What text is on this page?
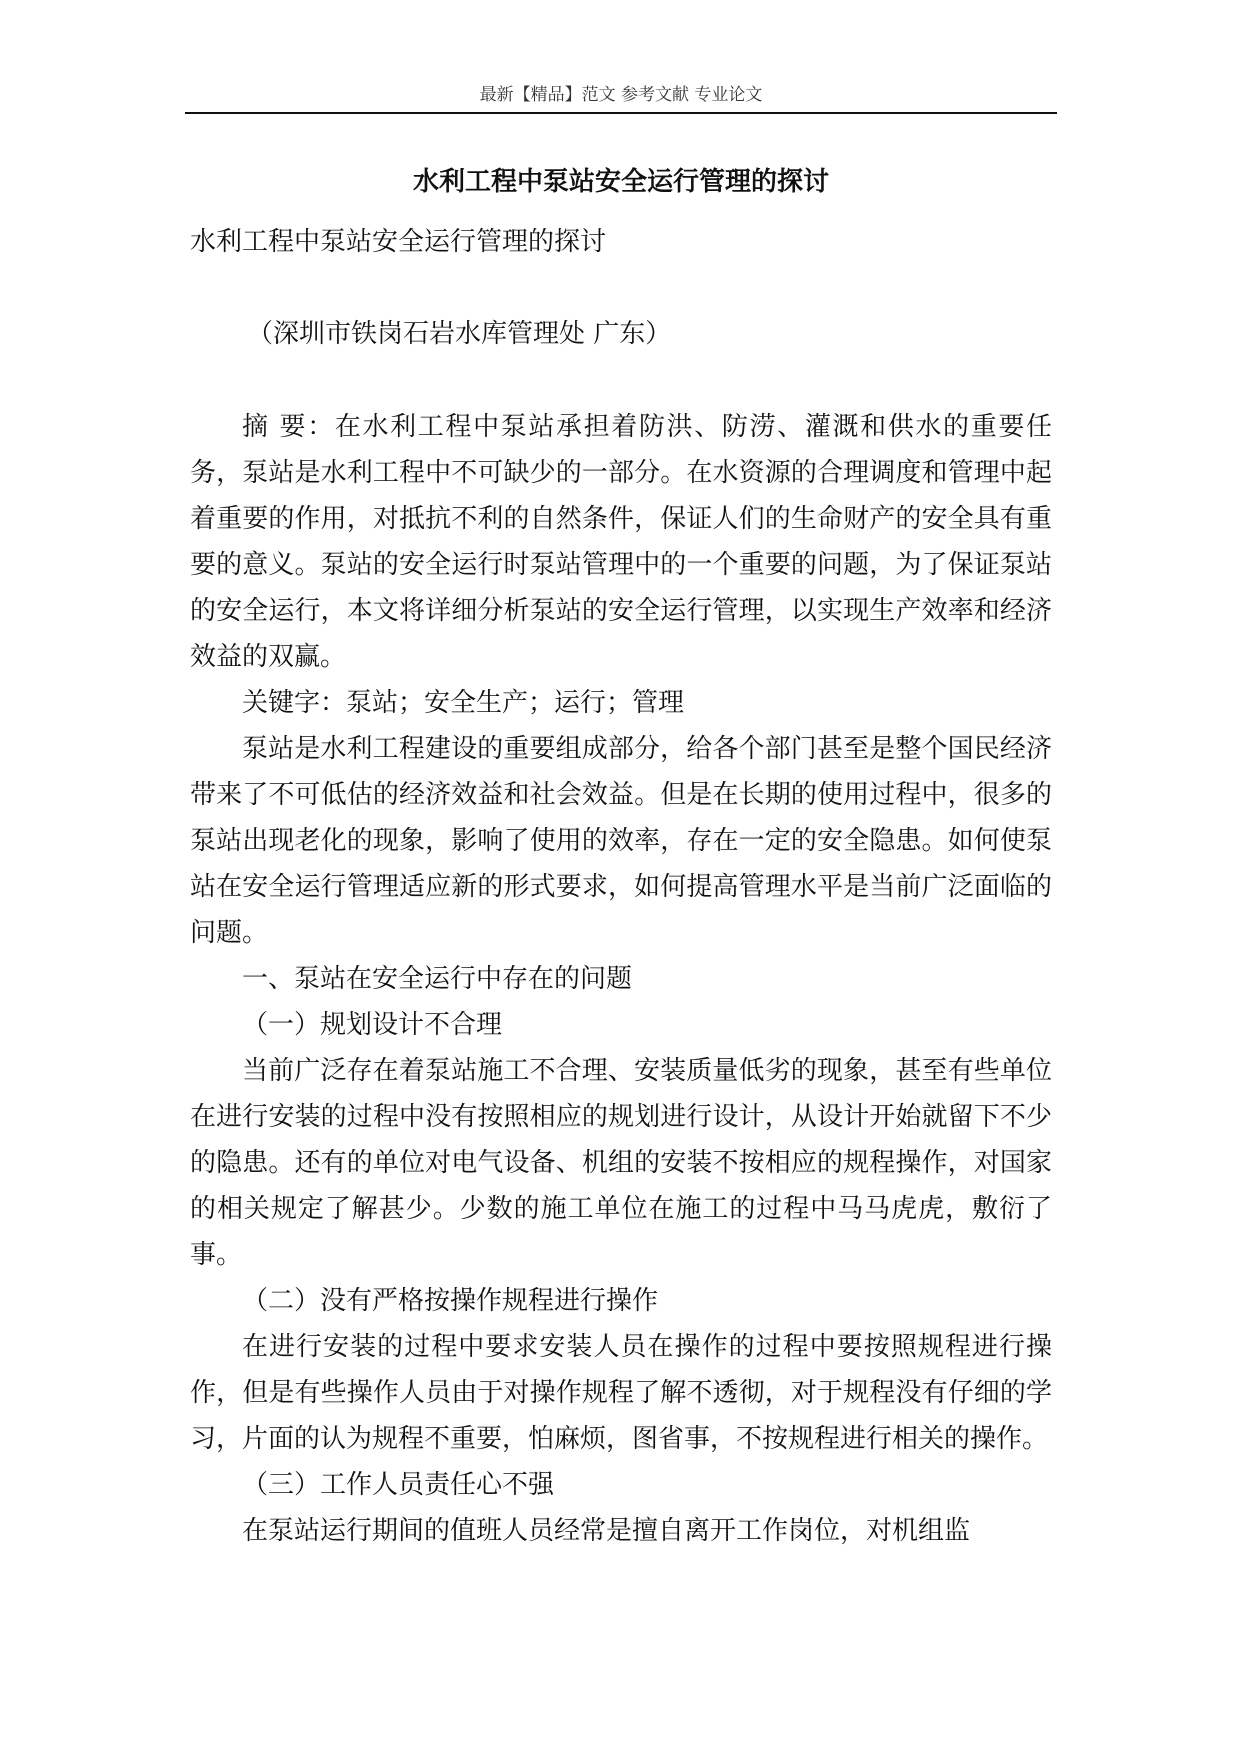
最新【精品】范文 参考文献 专业论文
水利工程中泵站安全运行管理的探讨
水利工程中泵站安全运行管理的探讨
（深圳市铁岗石岩水库管理处 广东）

摘 要：在水利工程中泵站承担着防洪、防涝、灌溉和供水的重要任务，泵站是水利工程中不可缺少的一部分。在水资源的合理调度和管理中起着重要的作用，对抵抗不利的自然条件，保证人们的生命财产的安全具有重要的意义。泵站的安全运行时泵站管理中的一个重要的问题，为了保证泵站的安全运行，本文将详细分析泵站的安全运行管理，以实现生产效率和经济效益的双赢。

关键字：泵站；安全生产；运行；管理

泵站是水利工程建设的重要组成部分，给各个部门甚至是整个国民经济带来了不可低估的经济效益和社会效益。但是在长期的使用过程中，很多的泵站出现老化的现象，影响了使用的效率，存在一定的安全隐患。如何使泵站在安全运行管理适应新的形式要求，如何提高管理水平是当前广泛面临的问题。

一、泵站在安全运行中存在的问题

（一）规划设计不合理

当前广泛存在着泵站施工不合理、安装质量低劣的现象，甚至有些单位在进行安装的过程中没有按照相应的规划进行设计，从设计开始就留下不少的隐患。还有的单位对电气设备、机组的安装不按相应的规程操作，对国家的相关规定了解甚少。少数的施工单位在施工的过程中马马虎虎，敷衍了事。

（二）没有严格按操作规程进行操作

在进行安装的过程中要求安装人员在操作的过程中要按照规程进行操作，但是有些操作人员由于对操作规程了解不透彻，对于规程没有仔细的学习，片面的认为规程不重要，怕麻烦，图省事，不按规程进行相关的操作。

（三）工作人员责任心不强

在泵站运行期间的值班人员经常是擅自离开工作岗位，对机组监
